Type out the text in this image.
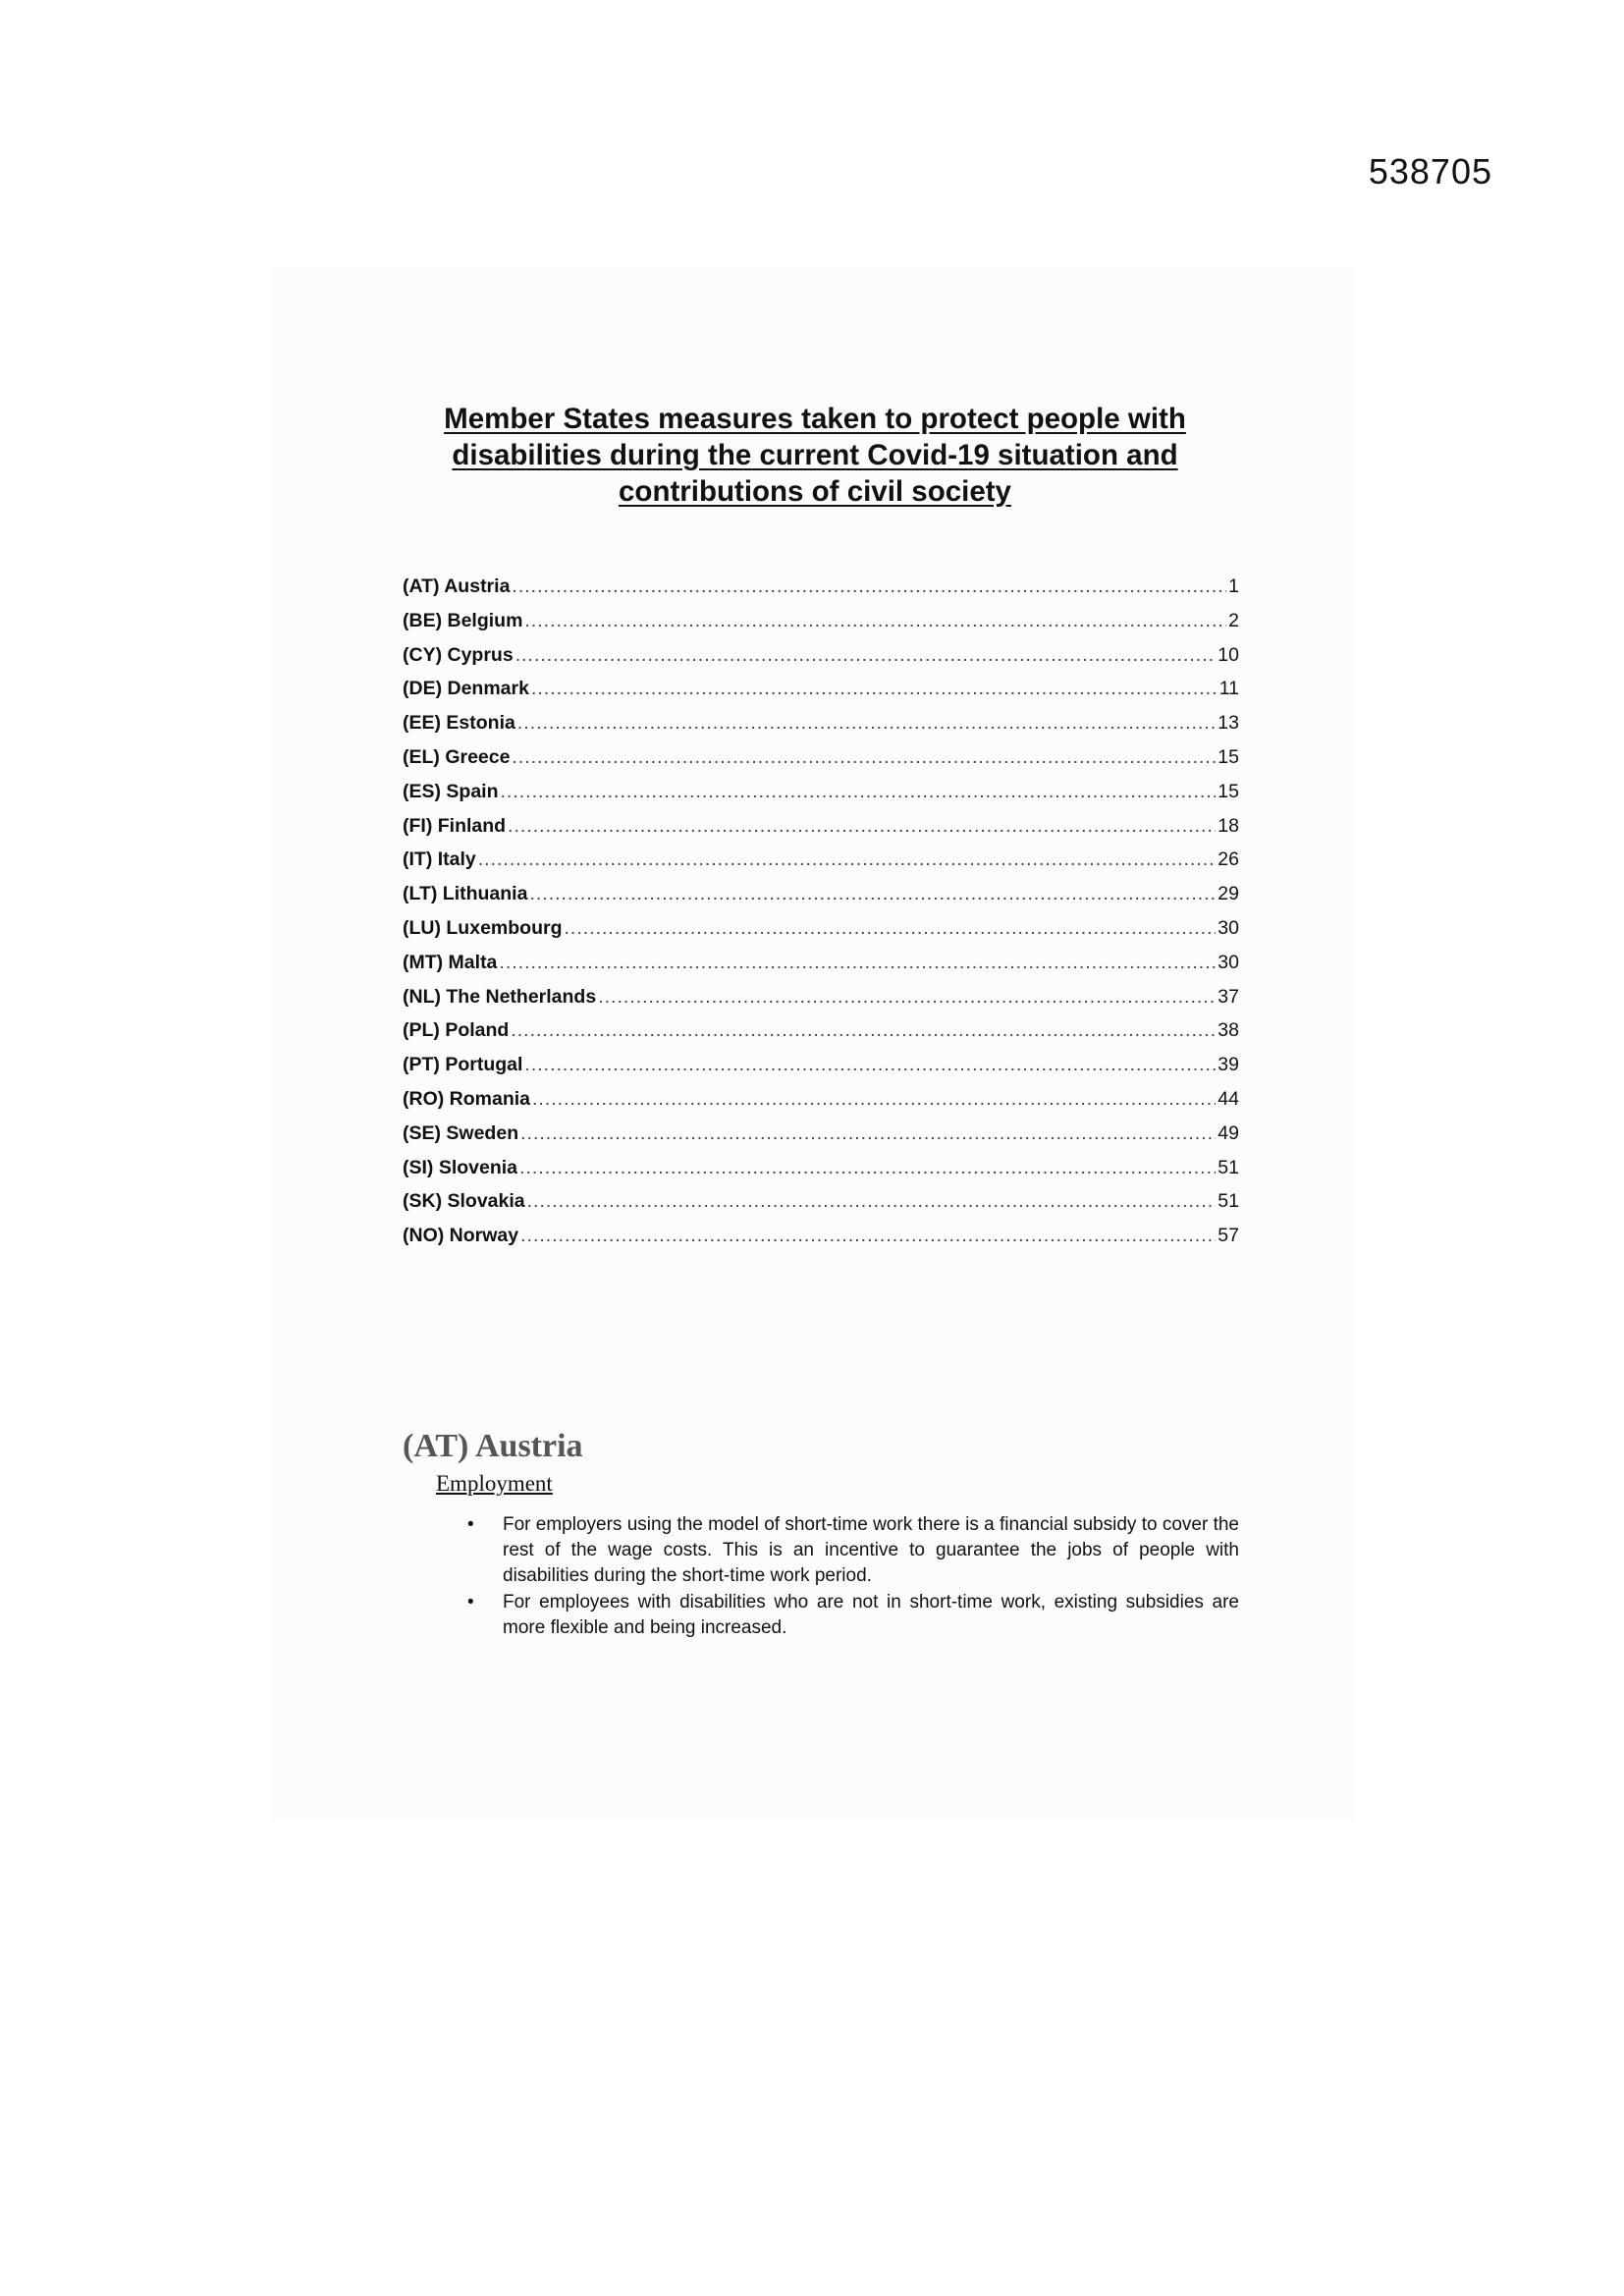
538705
Member States measures taken to protect people with
disabilities during the current Covid-19 situation and
contributions of civil society
(AT) Austria .....	1
(BE) Belgium .....	2
(CY) Cyprus .....	10
(DE) Denmark .....	11
(EE) Estonia .....	13
(EL) Greece .....	15
(ES) Spain .....	15
(FI) Finland .....	18
(IT) Italy .....	26
(LT) Lithuania .....	29
(LU) Luxembourg .....	30
(MT) Malta .....	30
(NL) The Netherlands .....	37
(PL) Poland .....	38
(PT) Portugal .....	39
(RO) Romania .....	44
(SE) Sweden .....	49
(SI) Slovenia .....	51
(SK) Slovakia .....	51
(NO) Norway .....	57
(AT) Austria
Employment
• For employers using the model of short-time work there is a financial subsidy to cover the rest of the wage costs. This is an incentive to guarantee the jobs of people with disabilities during the short-time work period.
• For employees with disabilities who are not in short-time work, existing subsidies are more flexible and being increased.
